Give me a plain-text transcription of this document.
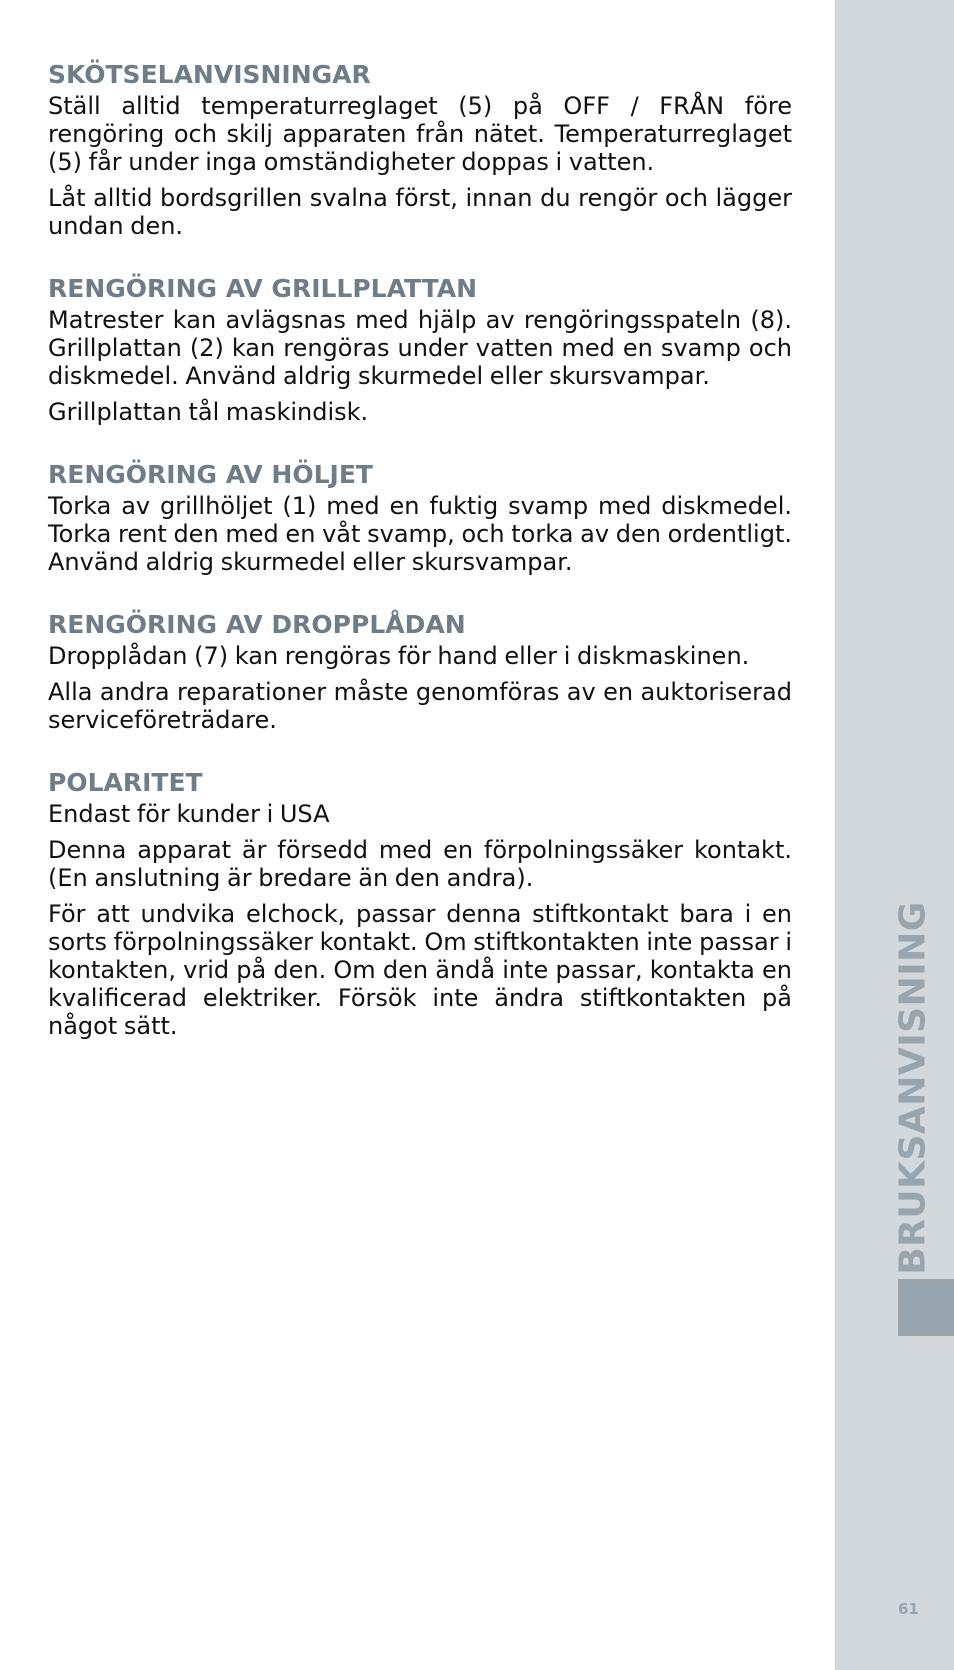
SKÖTSELANVISNINGAR

Ställ alltid temperaturreglaget (5) på OFF / FRÅN före rengöring och skilj apparaten från nätet. Temperaturreglaget (5) får under inga omständigheter doppas i vatten.

Låt alltid bordsgrillen svalna först, innan du rengör och lägger undan den.

RENGÖRING AV GRILLPLATTAN

Matrester kan avlägsnas med hjälp av rengöringsspateln (8). Grillplattan (2) kan rengöras under vatten med en svamp och diskmedel. Använd aldrig skurmedel eller skursvampar.

Grillplattan tål maskindisk.

RENGÖRING AV HÖLJET

Torka av grillhöljet (1) med en fuktig svamp med diskmedel. Torka rent den med en våt svamp, och torka av den ordentligt. Använd aldrig skurmedel eller skursvampar.

RENGÖRING AV DROPPLÅDAN

Dropplådan (7) kan rengöras för hand eller i diskmaskinen.

Alla andra reparationer måste genomföras av en auktoriserad serviceföreträdare.

POLARITET

Endast för kunder i USA

Denna apparat är försedd med en förpolningssäker kontakt. (En anslutning är bredare än den andra).

För att undvika elchock, passar denna stiftkontakt bara i en sorts förpolningssäker kontakt. Om stiftkontakten inte passar i kontakten, vrid på den. Om den ändå inte passar, kontakta en kvalificerad elektriker. Försök inte ändra stiftkontakten på något sätt.	BRUKSANVISNING
61
